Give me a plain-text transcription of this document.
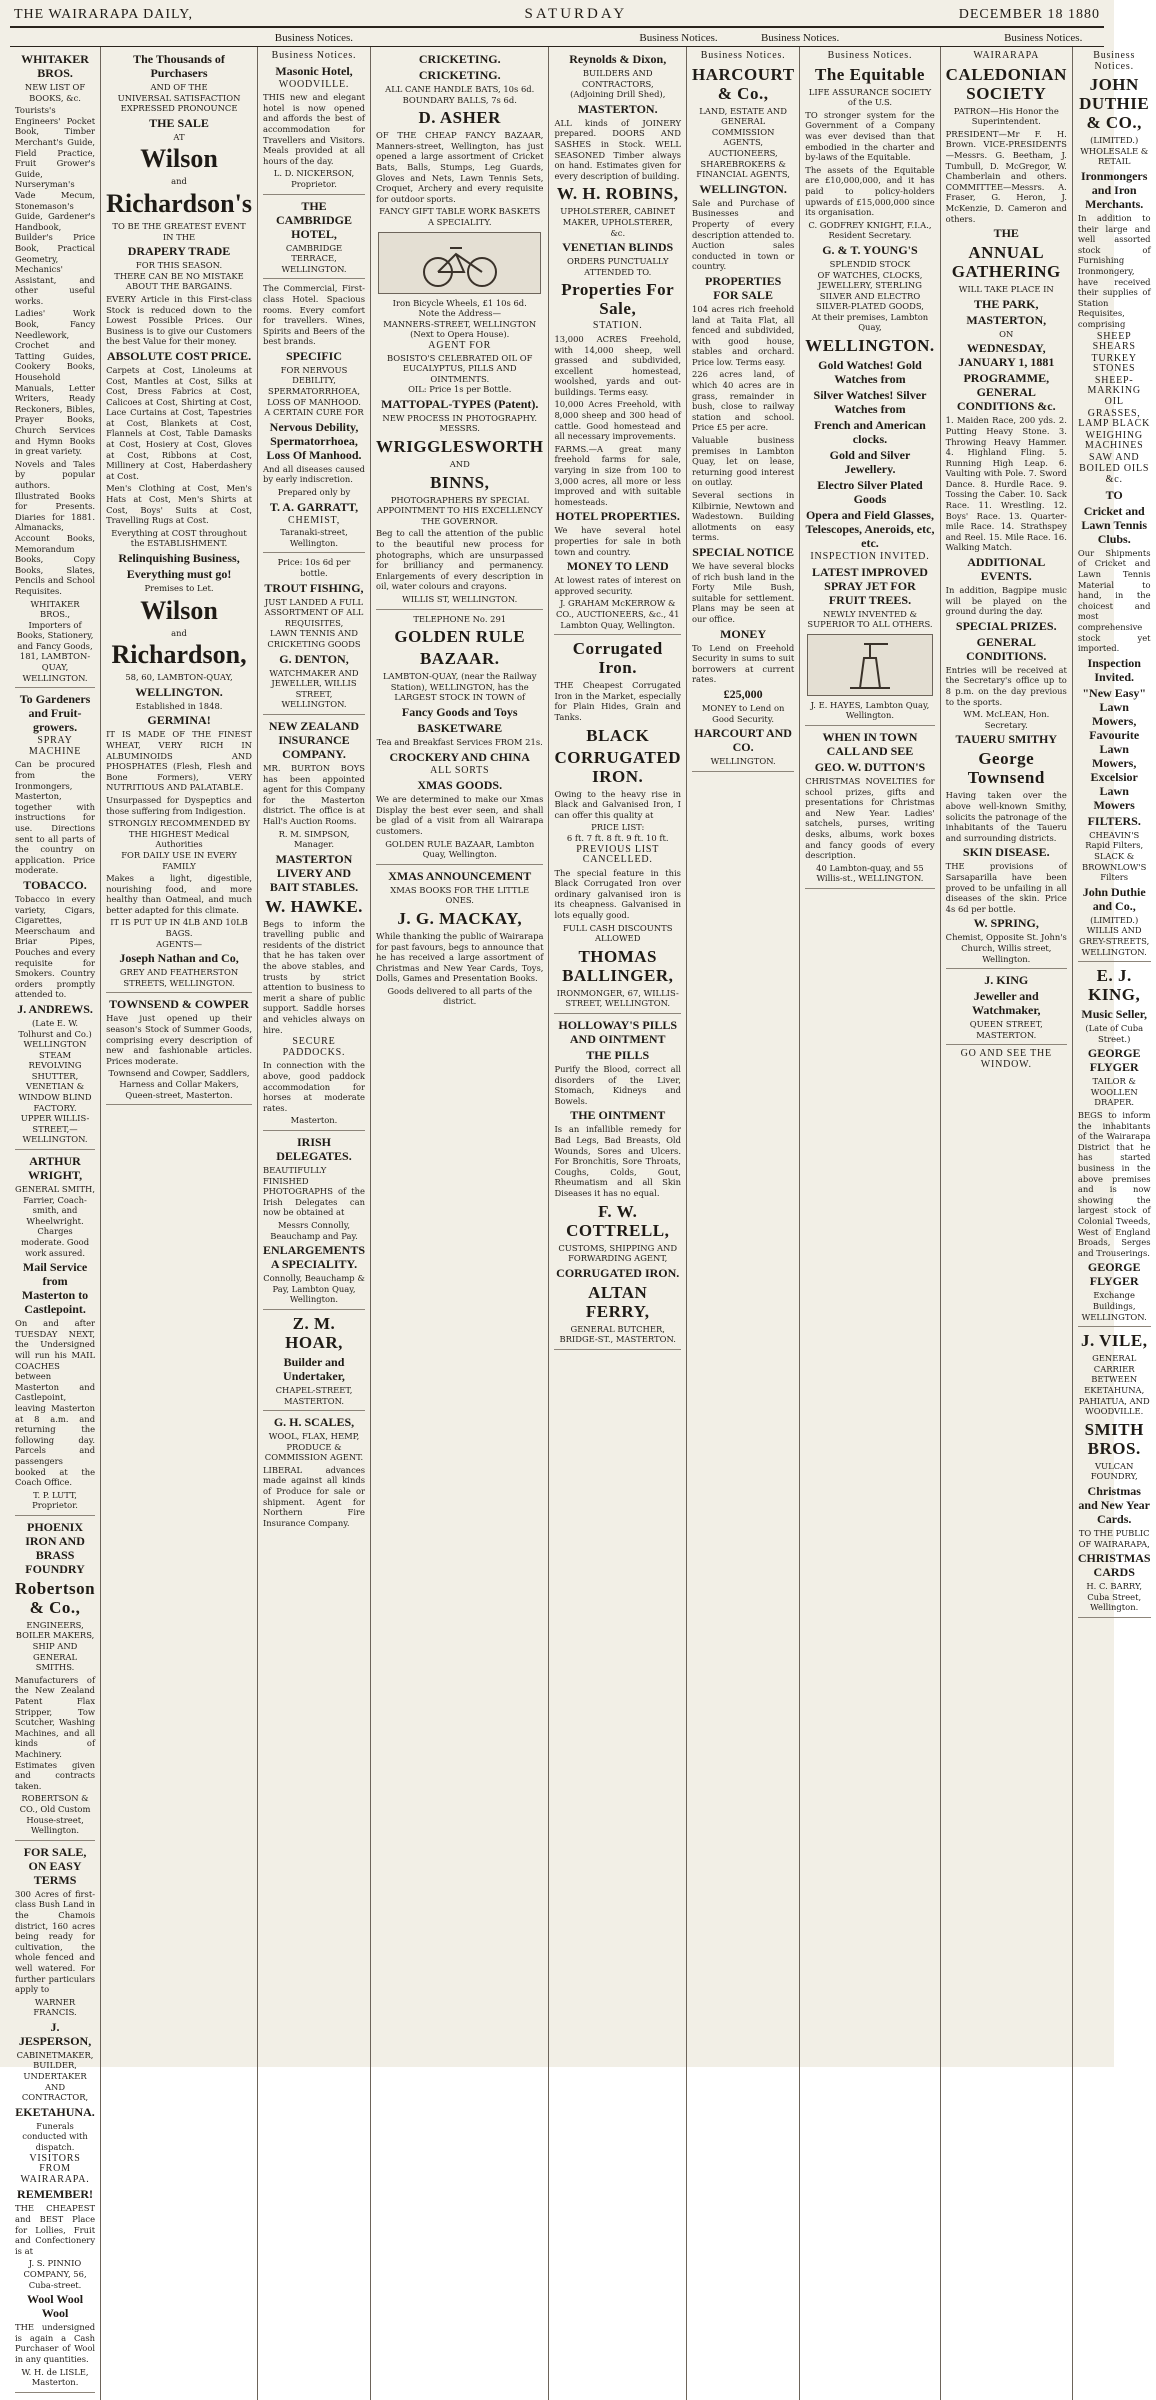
THE WAIRARAPA DAILY,	SATURDAY	DECEMBER 18 1880
Business Notices.	Business Notices.	Business Notices.	Business Notices.
WHITAKER BROS.
NEW LIST OF BOOKS, &c.
Tourists's Engineers' Pocket Book, Timber Merchant's Guide, Field Practice, Fruit Grower's Guide, Nurseryman's Vade Mecum, Stonemason's Guide, Gardener's Handbook, Builder's Price Book, Practical Geometry, Mechanics' Assistant, and other useful works.
Ladies' Work Book, Fancy Needlework, Crochet and Tatting Guides, Cookery Books, Household Manuals, Letter Writers, Ready Reckoners, Bibles, Prayer Books, Church Services and Hymn Books in great variety.
Novels and Tales by popular authors. Illustrated Books for Presents. Diaries for 1881. Almanacks, Account Books, Memorandum Books, Copy Books, Slates, Pencils and School Requisites.
WHITAKER BROS.,
Importers of Books, Stationery, and Fancy Goods,
181, LAMBTON-QUAY, WELLINGTON.
To Gardeners and Fruit-growers.
SPRAY MACHINE
Can be procured from the Ironmongers, Masterton, together with instructions for use. Directions sent to all parts of the country on application. Price moderate.
TOBACCO.
Tobacco in every variety, Cigars, Cigarettes, Meerschaum and Briar Pipes, Pouches and every requisite for Smokers. Country orders promptly attended to.
J. ANDREWS.
(Late E. W. Tolhurst and Co.)
WELLINGTON STEAM REVOLVING SHUTTER, VENETIAN & WINDOW BLIND FACTORY.
UPPER WILLIS-STREET,—WELLINGTON.
ARTHUR WRIGHT,
GENERAL SMITH, Farrier, Coach-smith, and Wheelwright. Charges moderate. Good work assured.
Mail Service from Masterton to Castlepoint.
On and after TUESDAY NEXT, the Undersigned will run his MAIL COACHES between Masterton and Castlepoint, leaving Masterton at 8 a.m. and returning the following day. Parcels and passengers booked at the Coach Office.
T. P. LUTT, Proprietor.
PHOENIX IRON AND BRASS FOUNDRY
Robertson & Co.,
ENGINEERS, BOILER MAKERS, SHIP AND GENERAL SMITHS.
Manufacturers of the New Zealand Patent Flax Stripper, Tow Scutcher, Washing Machines, and all kinds of Machinery. Estimates given and contracts taken.
ROBERTSON & CO., Old Custom House-street, Wellington.
FOR SALE, ON EASY TERMS
300 Acres of first-class Bush Land in the Chamois district, 160 acres being ready for cultivation, the whole fenced and well watered. For further particulars apply to
WARNER FRANCIS.
J. JESPERSON,
CABINETMAKER, BUILDER, UNDERTAKER AND CONTRACTOR,
EKETAHUNA.
Funerals conducted with dispatch.
VISITORS FROM WAIRARAPA.
REMEMBER!
THE CHEAPEST and BEST Place for Lollies, Fruit and Confectionery is at
J. S. PINNIO COMPANY, 56, Cuba-street.
Wool Wool Wool
THE undersigned is again a Cash Purchaser of Wool in any quantities.
W. H. de LISLE, Masterton.
The Thousands of Purchasers
AND OF THE
UNIVERSAL SATISFACTION EXPRESSED PRONOUNCE
THE SALE
AT
Wilson
and
Richardson's
TO BE THE GREATEST EVENT IN THE
DRAPERY TRADE
FOR THIS SEASON.
THERE CAN BE NO MISTAKE ABOUT THE BARGAINS.
EVERY Article in this First-class Stock is reduced down to the Lowest Possible Prices. Our Business is to give our Customers the best Value for their money.
ABSOLUTE COST PRICE.
Carpets at Cost, Linoleums at Cost, Mantles at Cost, Silks at Cost, Dress Fabrics at Cost, Calicoes at Cost, Shirting at Cost, Lace Curtains at Cost, Tapestries at Cost, Blankets at Cost, Flannels at Cost, Table Damasks at Cost, Hosiery at Cost, Gloves at Cost, Ribbons at Cost, Millinery at Cost, Haberdashery at Cost.
Men's Clothing at Cost, Men's Hats at Cost, Men's Shirts at Cost, Boys' Suits at Cost, Travelling Rugs at Cost.
Everything at COST throughout the ESTABLISHMENT.
Relinquishing Business,
Everything must go!
Premises to Let.
Wilson
and
Richardson,
58, 60, LAMBTON-QUAY,
WELLINGTON.
Established in 1848.
GERMINA!
IT IS MADE OF THE FINEST WHEAT, VERY RICH IN ALBUMINOIDS AND PHOSPHATES (Flesh, Flesh and Bone Formers), VERY NUTRITIOUS AND PALATABLE.
Unsurpassed for Dyspeptics and those suffering from Indigestion.
STRONGLY RECOMMENDED BY THE HIGHEST Medical Authorities
FOR DAILY USE IN EVERY FAMILY
Makes a light, digestible, nourishing food, and more healthy than Oatmeal, and much better adapted for this climate.
IT IS PUT UP IN 4LB AND 10LB BAGS.
AGENTS—
Joseph Nathan and Co,
GREY AND FEATHERSTON STREETS, WELLINGTON.
TOWNSEND & COWPER
Have just opened up their season's Stock of Summer Goods, comprising every description of new and fashionable articles. Prices moderate.
Townsend and Cowper, Saddlers, Harness and Collar Makers, Queen-street, Masterton.
Business Notices.
Masonic Hotel,
WOODVILLE.
THIS new and elegant hotel is now opened and affords the best of accommodation for Travellers and Visitors. Meals provided at all hours of the day.
L. D. NICKERSON, Proprietor.
THE CAMBRIDGE HOTEL,
CAMBRIDGE TERRACE, WELLINGTON.
The Commercial, First-class Hotel. Spacious rooms. Every comfort for travellers. Wines, Spirits and Beers of the best brands.
SPECIFIC
FOR NERVOUS DEBILITY, SPERMATORRHOEA, LOSS OF MANHOOD.
A CERTAIN CURE FOR
Nervous Debility, Spermatorrhoea, Loss Of Manhood.
And all diseases caused by early indiscretion.
Prepared only by
T. A. GARRATT,
CHEMIST,
Taranaki-street, Wellington.
Price: 10s 6d per bottle.
TROUT FISHING,
JUST LANDED A FULL ASSORTMENT OF ALL REQUISITES,
LAWN TENNIS AND CRICKETING GOODS
G. DENTON,
WATCHMAKER AND JEWELLER, WILLIS STREET, WELLINGTON.
NEW ZEALAND INSURANCE COMPANY.
MR. BURTON BOYS has been appointed agent for this Company for the Masterton district. The office is at Hall's Auction Rooms.
R. M. SIMPSON, Manager.
MASTERTON LIVERY AND BAIT STABLES.
W. HAWKE.
Begs to inform the travelling public and residents of the district that he has taken over the above stables, and trusts by strict attention to business to merit a share of public support. Saddle horses and vehicles always on hire.
SECURE PADDOCKS.
In connection with the above, good paddock accommodation for horses at moderate rates.
Masterton.
IRISH DELEGATES.
BEAUTIFULLY FINISHED PHOTOGRAPHS of the Irish Delegates can now be obtained at
Messrs Connolly, Beauchamp and Pay.
ENLARGEMENTS A SPECIALITY.
Connolly, Beauchamp & Pay, Lambton Quay, Wellington.
Z. M. HOAR,
Builder and Undertaker,
CHAPEL-STREET, MASTERTON.
G. H. SCALES,
WOOL, FLAX, HEMP, PRODUCE & COMMISSION AGENT.
LIBERAL advances made against all kinds of Produce for sale or shipment. Agent for Northern Fire Insurance Company.
CRICKETING.
CRICKETING.
ALL CANE HANDLE BATS, 10s 6d. BOUNDARY BALLS, 7s 6d.
D. ASHER
OF THE CHEAP FANCY BAZAAR, Manners-street, Wellington, has just opened a large assortment of Cricket Bats, Balls, Stumps, Leg Guards, Gloves and Nets, Lawn Tennis Sets, Croquet, Archery and every requisite for outdoor sports.
FANCY GIFT TABLE WORK BASKETS A SPECIALITY.
Iron Bicycle Wheels, £1 10s 6d.
Note the Address—
MANNERS-STREET, WELLINGTON (Next to Opera House).
AGENT FOR
BOSISTO'S CELEBRATED OIL OF EUCALYPTUS, PILLS AND OINTMENTS.
OIL: Price 1s per Bottle.
MATTOPAL-TYPES (Patent).
NEW PROCESS IN PHOTOGRAPHY.
MESSRS.
WRIGGLESWORTH
AND
BINNS,
PHOTOGRAPHERS BY SPECIAL APPOINTMENT TO HIS EXCELLENCY THE GOVERNOR.
Beg to call the attention of the public to the beautiful new process for photographs, which are unsurpassed for brilliancy and permanency. Enlargements of every description in oil, water colours and crayons.
WILLIS ST, WELLINGTON.
TELEPHONE No. 291
GOLDEN RULE
BAZAAR.
LAMBTON-QUAY, (near the Railway Station), WELLINGTON, has the LARGEST STOCK IN TOWN of
Fancy Goods and Toys
BASKETWARE
Tea and Breakfast Services FROM 21s.
CROCKERY AND CHINA
ALL SORTS
XMAS GOODS.
We are determined to make our Xmas Display the best ever seen, and shall be glad of a visit from all Wairarapa customers.
GOLDEN RULE BAZAAR, Lambton Quay, Wellington.
XMAS ANNOUNCEMENT
XMAS BOOKS FOR THE LITTLE ONES.
J. G. MACKAY,
While thanking the public of Wairarapa for past favours, begs to announce that he has received a large assortment of Christmas and New Year Cards, Toys, Dolls, Games and Presentation Books.
Goods delivered to all parts of the district.
Reynolds & Dixon,
BUILDERS AND CONTRACTORS,
(Adjoining Drill Shed),
MASTERTON.
ALL kinds of JOINERY prepared. DOORS AND SASHES in Stock. WELL SEASONED Timber always on hand. Estimates given for every description of building.
W. H. ROBINS,
UPHOLSTERER, CABINET MAKER, UPHOLSTERER, &c.
VENETIAN BLINDS
ORDERS PUNCTUALLY ATTENDED TO.
Properties For Sale,
STATION.
13,000 ACRES Freehold, with 14,000 sheep, well grassed and subdivided, excellent homestead, woolshed, yards and out-buildings. Terms easy.
10,000 Acres Freehold, with 8,000 sheep and 300 head of cattle. Good homestead and all necessary improvements.
FARMS.—A great many freehold farms for sale, varying in size from 100 to 3,000 acres, all more or less improved and with suitable homesteads.
HOTEL PROPERTIES.
We have several hotel properties for sale in both town and country.
MONEY TO LEND
At lowest rates of interest on approved security.
J. GRAHAM McKERROW & CO., AUCTIONEERS, &c., 41 Lambton Quay, Wellington.
Corrugated Iron.
THE Cheapest Corrugated Iron in the Market, especially for Plain Hides, Grain and Tanks.
BLACK
CORRUGATED IRON.
Owing to the heavy rise in Black and Galvanised Iron, I can offer this quality at
PRICE LIST:
6 ft. 7 ft. 8 ft. 9 ft. 10 ft.
PREVIOUS LIST CANCELLED.
The special feature in this Black Corrugated Iron over ordinary galvanised iron is its cheapness. Galvanised in lots equally good.
FULL CASH DISCOUNTS ALLOWED
THOMAS BALLINGER,
IRONMONGER, 67, WILLIS-STREET, WELLINGTON.
HOLLOWAY'S PILLS AND OINTMENT
THE PILLS
Purify the Blood, correct all disorders of the Liver, Stomach, Kidneys and Bowels.
THE OINTMENT
Is an infallible remedy for Bad Legs, Bad Breasts, Old Wounds, Sores and Ulcers. For Bronchitis, Sore Throats, Coughs, Colds, Gout, Rheumatism and all Skin Diseases it has no equal.
F. W. COTTRELL,
CUSTOMS, SHIPPING AND FORWARDING AGENT,
CORRUGATED IRON.
ALTAN FERRY,
GENERAL BUTCHER, BRIDGE-ST., MASTERTON.
Business Notices.
HARCOURT & Co.,
LAND, ESTATE AND GENERAL COMMISSION AGENTS, AUCTIONEERS, SHAREBROKERS & FINANCIAL AGENTS,
WELLINGTON.
Sale and Purchase of Businesses and Property of every description attended to. Auction sales conducted in town or country.
PROPERTIES FOR SALE
104 acres rich freehold land at Taita Flat, all fenced and subdivided, with good house, stables and orchard. Price low. Terms easy.
226 acres land, of which 40 acres are in grass, remainder in bush, close to railway station and school. Price £5 per acre.
Valuable business premises in Lambton Quay, let on lease, returning good interest on outlay.
Several sections in Kilbirnie, Newtown and Wadestown. Building allotments on easy terms.
SPECIAL NOTICE
We have several blocks of rich bush land in the Forty Mile Bush, suitable for settlement. Plans may be seen at our office.
MONEY
To Lend on Freehold Security in sums to suit borrowers at current rates.
£25,000
MONEY to Lend on Good Security.
HARCOURT AND CO.
WELLINGTON.
Business Notices.
The Equitable
LIFE ASSURANCE SOCIETY of the U.S.
TO stronger system for the Government of a Company was ever devised than that embodied in the charter and by-laws of the Equitable.
The assets of the Equitable are £10,000,000, and it has paid to policy-holders upwards of £15,000,000 since its organisation.
C. GODFREY KNIGHT, F.I.A., Resident Secretary.
G. & T. YOUNG'S
SPLENDID STOCK
OF WATCHES, CLOCKS, JEWELLERY, STERLING SILVER AND ELECTRO SILVER-PLATED GOODS,
At their premises, Lambton Quay,
WELLINGTON.
Gold Watches! Gold Watches from
Silver Watches! Silver Watches from
French and American clocks.
Gold and Silver Jewellery.
Electro Silver Plated Goods
Opera and Field Glasses, Telescopes, Aneroids, etc, etc.
INSPECTION INVITED.
LATEST IMPROVED SPRAY JET FOR FRUIT TREES.
NEWLY INVENTED & SUPERIOR TO ALL OTHERS.
J. E. HAYES, Lambton Quay, Wellington.
WHEN IN TOWN CALL AND SEE
GEO. W. DUTTON'S
CHRISTMAS NOVELTIES for school prizes, gifts and presentations for Christmas and New Year. Ladies' satchels, purses, writing desks, albums, work boxes and fancy goods of every description.
40 Lambton-quay, and 55 Willis-st., WELLINGTON.
WAIRARAPA
CALEDONIAN SOCIETY
PATRON—His Honor the Superintendent.
PRESIDENT—Mr F. H. Brown. VICE-PRESIDENTS—Messrs. G. Beetham, J. Tumbull, D. McGregor, W. Chamberlain and others. COMMITTEE—Messrs. A. Fraser, G. Heron, J. McKenzie, D. Cameron and others.
THE
ANNUAL GATHERING
WILL TAKE PLACE IN
THE PARK,
MASTERTON,
ON
WEDNESDAY, JANUARY 1, 1881
PROGRAMME, GENERAL CONDITIONS &c.
1. Maiden Race, 200 yds. 2. Putting Heavy Stone. 3. Throwing Heavy Hammer. 4. Highland Fling. 5. Running High Leap. 6. Vaulting with Pole. 7. Sword Dance. 8. Hurdle Race. 9. Tossing the Caber. 10. Sack Race. 11. Wrestling. 12. Boys' Race. 13. Quarter-mile Race. 14. Strathspey and Reel. 15. Mile Race. 16. Walking Match.
ADDITIONAL EVENTS.
In addition, Bagpipe music will be played on the ground during the day.
SPECIAL PRIZES.
GENERAL CONDITIONS.
Entries will be received at the Secretary's office up to 8 p.m. on the day previous to the sports.
WM. McLEAN, Hon. Secretary.
TAUERU SMITHY
George Townsend
Having taken over the above well-known Smithy, solicits the patronage of the inhabitants of the Taueru and surrounding districts.
SKIN DISEASE.
THE provisions of Sarsaparilla have been proved to be unfailing in all diseases of the skin. Price 4s 6d per bottle.
W. SPRING,
Chemist, Opposite St. John's Church, Willis street, Wellington.
J. KING
Jeweller and Watchmaker,
QUEEN STREET, MASTERTON.
GO AND SEE THE WINDOW.
Business Notices.
JOHN DUTHIE & CO.,
(LIMITED.)
WHOLESALE & RETAIL
Ironmongers and Iron Merchants.
In addition to their large and well assorted stock of Furnishing Ironmongery, have received their supplies of Station Requisites, comprising
SHEEP SHEARS
TURKEY STONES
SHEEP-MARKING OIL
GRASSES, LAMP BLACK
WEIGHING MACHINES
SAW AND BOILED OILS
&c.
TO
Cricket and Lawn Tennis Clubs.
Our Shipments of Cricket and Lawn Tennis Material to hand, in the choicest and most comprehensive stock yet imported.
Inspection Invited.
"New Easy" Lawn Mowers, Favourite Lawn Mowers, Excelsior Lawn Mowers
FILTERS.
CHEAVIN'S Rapid Filters, SLACK & BROWNLOW'S Filters
John Duthie and Co.,
(LIMITED.)
WILLIS AND GREY-STREETS, WELLINGTON.
E. J. KING,
Music Seller,
(Late of Cuba Street.)
GEORGE FLYGER
TAILOR & WOOLLEN DRAPER.
BEGS to inform the inhabitants of the Wairarapa District that he has started business in the above premises and is now showing the largest stock of Colonial Tweeds, West of England Broads, Serges and Trouserings.
GEORGE FLYGER
Exchange Buildings, WELLINGTON.
J. VILE,
GENERAL CARRIER BETWEEN EKETAHUNA, PAHIATUA, AND WOODVILLE.
SMITH BROS.
VULCAN FOUNDRY,
Christmas and New Year Cards.
TO THE PUBLIC OF WAIRARAPA,
CHRISTMAS CARDS
H. C. BARRY, Cuba Street, Wellington.
